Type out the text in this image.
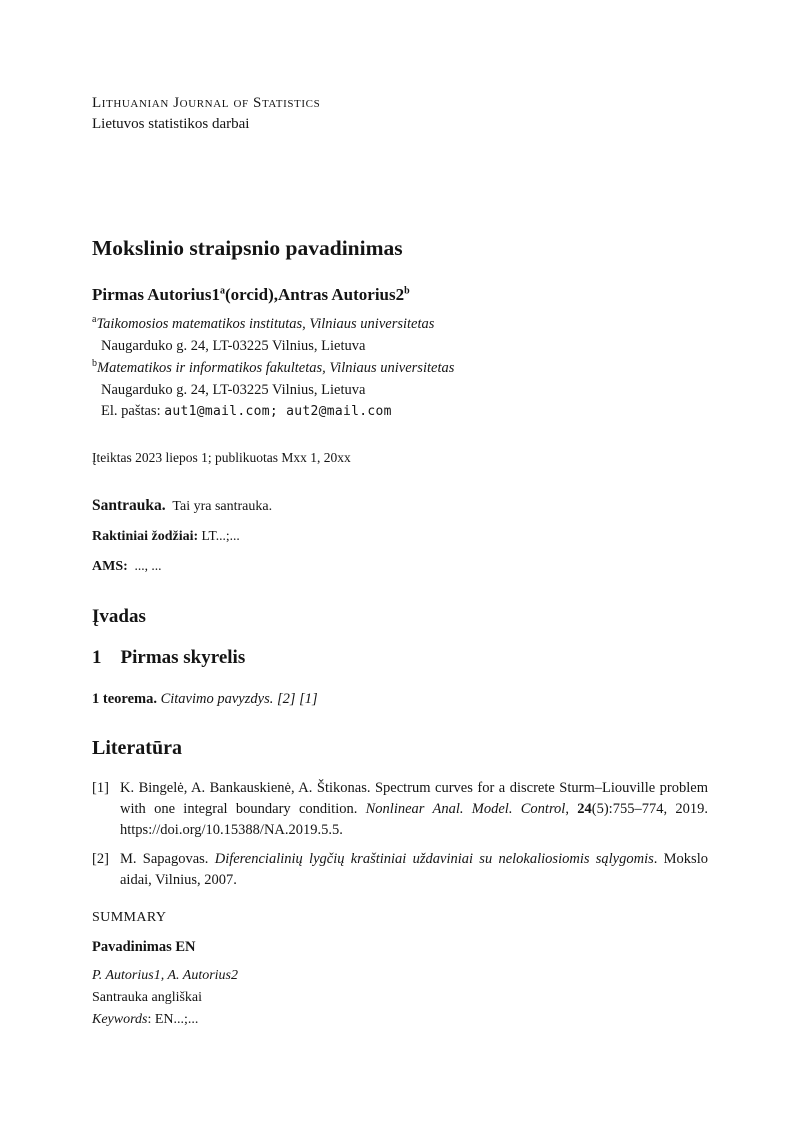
Lithuanian Journal of Statistics
Lietuvos statistikos darbai
Mokslinio straipsnio pavadinimas
Pirmas Autorius1$^a$(orcid),Antras Autorius2$^b$
$^a$Taikomosios matematikos institutas, Vilniaus universitetas
Naugarduko g. 24, LT-03225 Vilnius, Lietuva
$^b$Matematikos ir informatikos fakultetas, Vilniaus universitetas
Naugarduko g. 24, LT-03225 Vilnius, Lietuva
El. paštas: aut1@mail.com; aut2@mail.com
Įteiktas 2023 liepos 1; publikuotas Mxx 1, 20xx
Santrauka. Tai yra santrauka.
Raktiniai žodžiai: LT...;...
AMS: ..., ...
Įvadas
1 Pirmas skyrelis
1 teorema. Citavimo pavyzdys. [2] [1]
Literatūra
[1] K. Bingelė, A. Bankauskienė, A. Štikonas. Spectrum curves for a discrete Sturm–Liouville problem with one integral boundary condition. Nonlinear Anal. Model. Control, 24(5):755–774, 2019. https://doi.org/10.15388/NA.2019.5.5.
[2] M. Sapagovas. Diferencialinių lygčių kraštiniai uždaviniai su nelokaliosiomis sąlygomis. Mokslo aidai, Vilnius, 2007.
SUMMARY
Pavadinimas EN
P. Autorius1, A. Autorius2
Santrauka angliškai
Keywords: EN...;...
